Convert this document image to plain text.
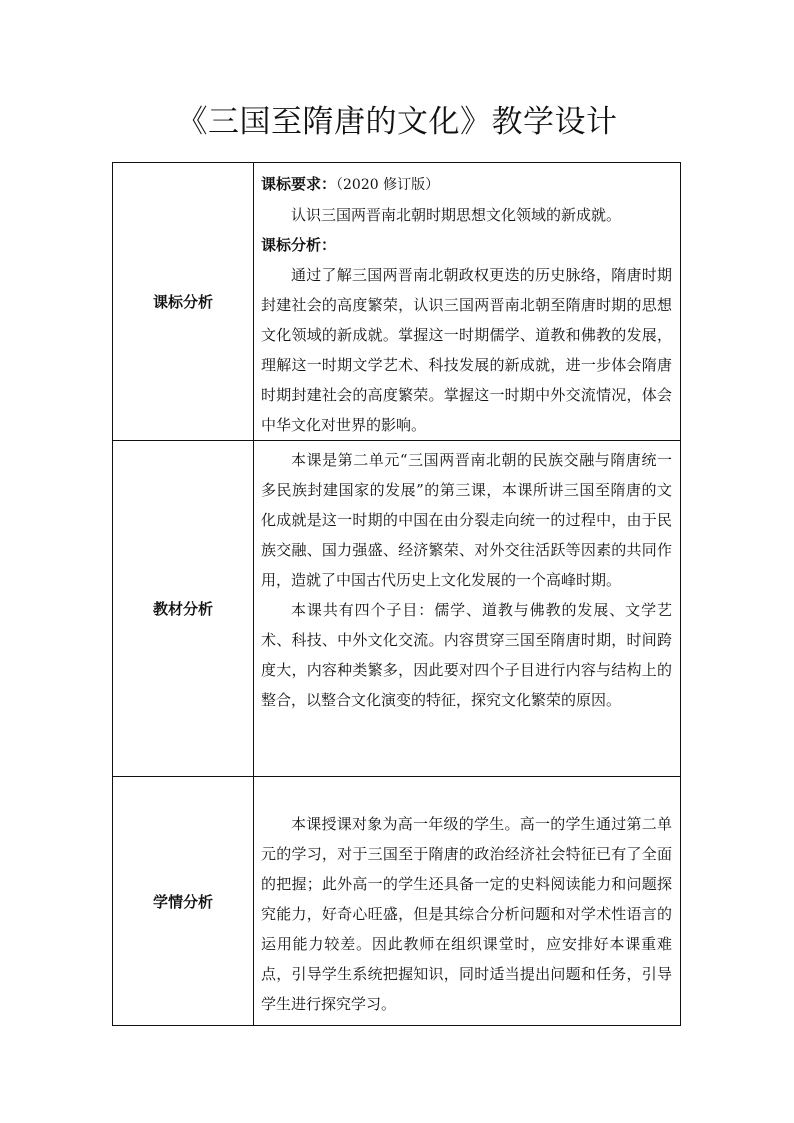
《三国至隋唐的文化》教学设计
课标分析	课标要求：（2020 修订版）

认识三国两晋南北朝时期思想文化领域的新成就。

课标分析：

通过了解三国两晋南北朝政权更迭的历史脉络，隋唐时期封建社会的高度繁荣，认识三国两晋南北朝至隋唐时期的思想文化领域的新成就。掌握这一时期儒学、道教和佛教的发展，理解这一时期文学艺术、科技发展的新成就，进一步体会隋唐时期封建社会的高度繁荣。掌握这一时期中外交流情况，体会中华文化对世界的影响。

教材分析	本课是第二单元“三国两晋南北朝的民族交融与隋唐统一多民族封建国家的发展”的第三课，本课所讲三国至隋唐的文化成就是这一时期的中国在由分裂走向统一的过程中，由于民族交融、国力强盛、经济繁荣、对外交往活跃等因素的共同作用，造就了中国古代历史上文化发展的一个高峰时期。

本课共有四个子目：儒学、道教与佛教的发展、文学艺术、科技、中外文化交流。内容贯穿三国至隋唐时期，时间跨度大，内容种类繁多，因此要对四个子目进行内容与结构上的整合，以整合文化演变的特征，探究文化繁荣的原因。

学情分析	本课授课对象为高一年级的学生。高一的学生通过第二单元的学习，对于三国至于隋唐的政治经济社会特征已有了全面的把握；此外高一的学生还具备一定的史料阅读能力和问题探究能力，好奇心旺盛，但是其综合分析问题和对学术性语言的运用能力较差。因此教师在组织课堂时，应安排好本课重难点，引导学生系统把握知识，同时适当提出问题和任务，引导学生进行探究学习。
